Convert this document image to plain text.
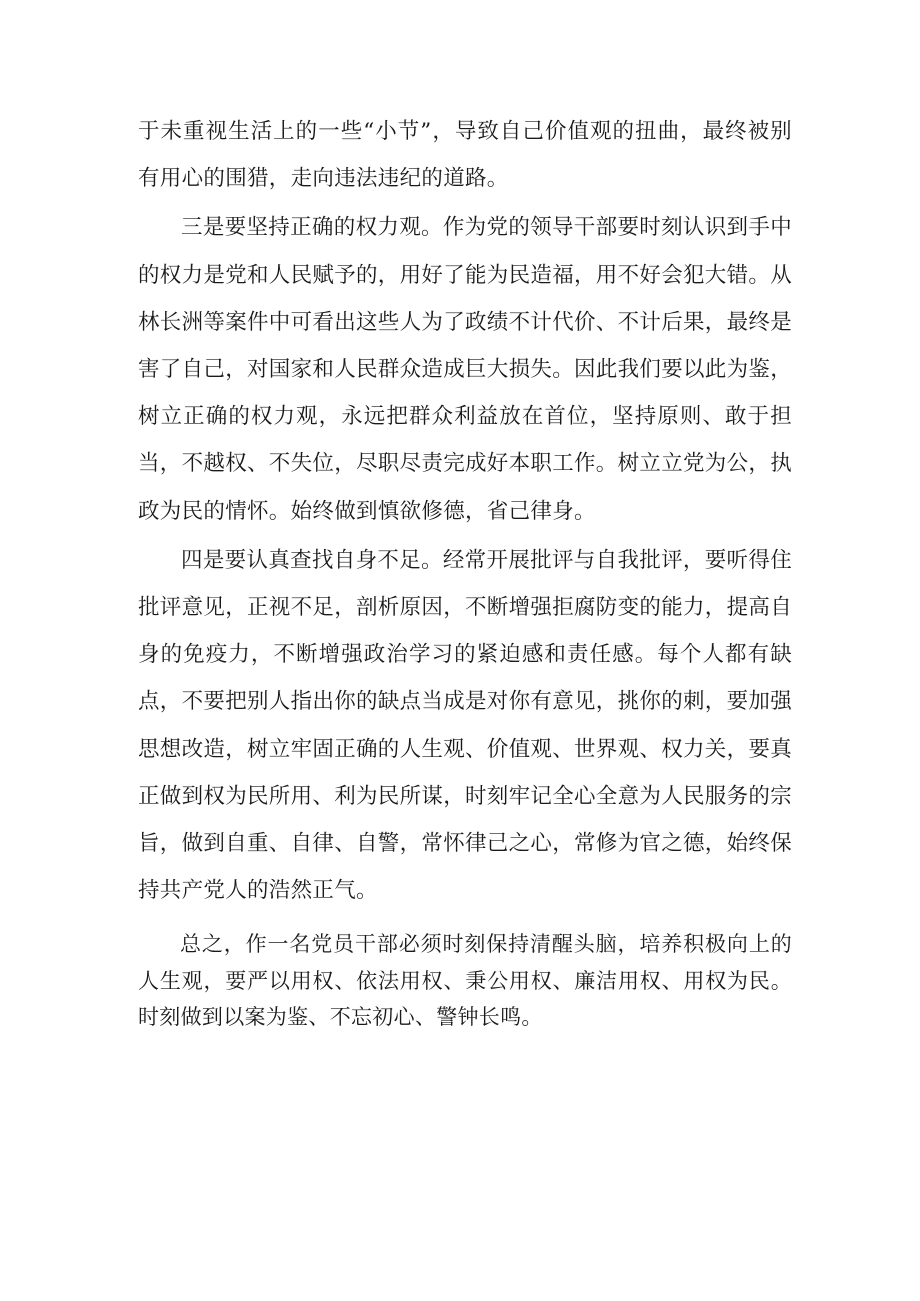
于未重视生活上的一些“小节”，导致自己价值观的扭曲，最终被别有用心的围猎，走向违法违纪的道路。

三是要坚持正确的权力观。作为党的领导干部要时刻认识到手中的权力是党和人民赋予的，用好了能为民造福，用不好会犯大错。从林长洲等案件中可看出这些人为了政绩不计代价、不计后果，最终是害了自己，对国家和人民群众造成巨大损失。因此我们要以此为鉴，树立正确的权力观，永远把群众利益放在首位，坚持原则、敢于担当，不越权、不失位，尽职尽责完成好本职工作。树立立党为公，执政为民的情怀。始终做到慎欲修德，省己律身。

四是要认真查找自身不足。经常开展批评与自我批评，要听得住批评意见，正视不足，剖析原因，不断增强拒腐防变的能力，提高自身的免疫力，不断增强政治学习的紧迫感和责任感。每个人都有缺点，不要把别人指出你的缺点当成是对你有意见，挑你的刺，要加强思想改造，树立牢固正确的人生观、价值观、世界观、权力关，要真正做到权为民所用、利为民所谋，时刻牢记全心全意为人民服务的宗旨，做到自重、自律、自警，常怀律己之心，常修为官之德，始终保持共产党人的浩然正气。

总之，作一名党员干部必须时刻保持清醒头脑，培养积极向上的人生观，要严以用权、依法用权、秉公用权、廉洁用权、用权为民。时刻做到以案为鉴、不忘初心、警钟长鸣。
